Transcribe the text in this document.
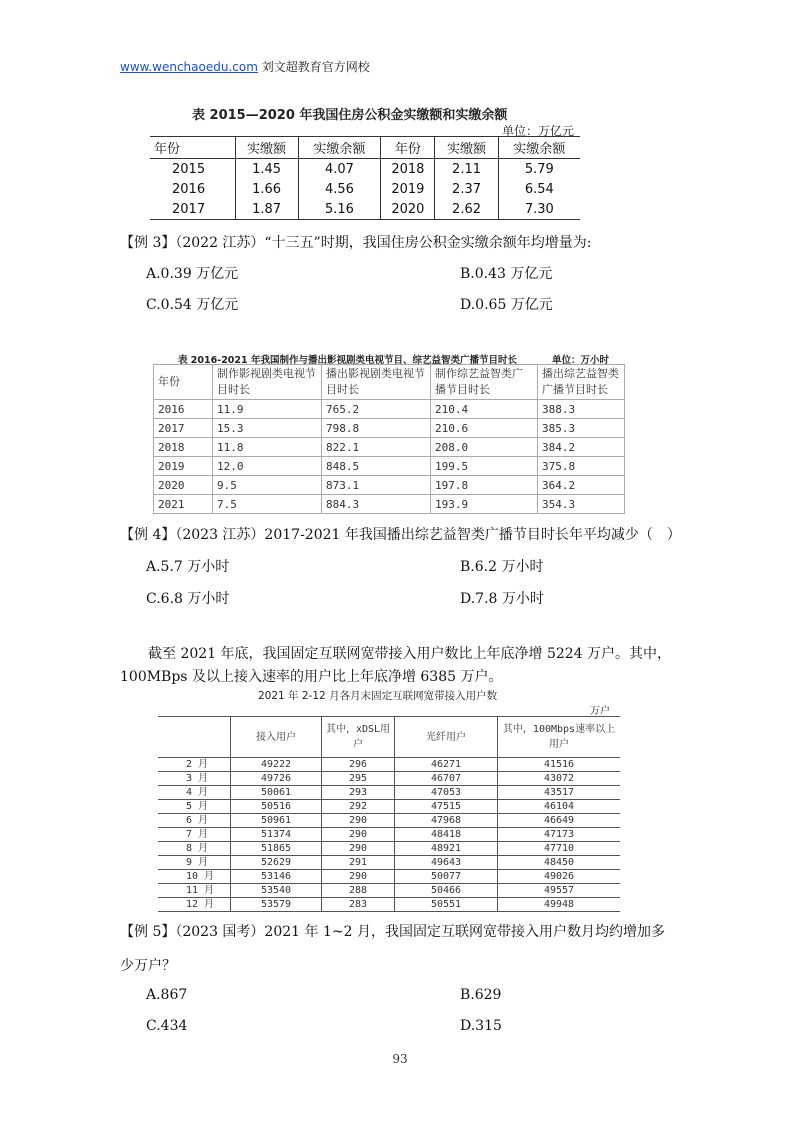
www.wenchaoedu.com 刘文超教育官方网校
表 2015—2020 年我国住房公积金实缴额和实缴余额
单位：万亿元
年份	实缴额	实缴余额	年份	实缴额	实缴余额
2015	1.45	4.07	2018	2.11	5.79
2016	1.66	4.56	2019	2.37	6.54
2017	1.87	5.16	2020	2.62	7.30
【例 3】（2022 江苏）“十三五”时期，我国住房公积金实缴余额年均增量为:
A.0.39 万亿元	B.0.43 万亿元
C.0.54 万亿元	D.0.65 万亿元
表 2016-2021 年我国制作与播出影视剧类电视节目、综艺益智类广播节目时长	单位：万小时
年份	制作影视剧类电视节目时长	播出影视剧类电视节目时长	制作综艺益智类广播节目时长	播出综艺益智类广播节目时长
2016	11.9	765.2	210.4	388.3
2017	15.3	798.8	210.6	385.3
2018	11.8	822.1	208.0	384.2
2019	12.0	848.5	199.5	375.8
2020	9.5	873.1	197.8	364.2
2021	7.5	884.3	193.9	354.3
【例 4】（2023 江苏）2017-2021 年我国播出综艺益智类广播节目时长年平均减少（　）
A.5.7 万小时	B.6.2 万小时
C.6.8 万小时	D.7.8 万小时
截至 2021 年底，我国固定互联网宽带接入用户数比上年底净增 5224 万户。其中，100MBps 及以上接入速率的用户比上年底净增 6385 万户。
2021 年 2-12 月各月末固定互联网宽带接入用户数
万户
	接入用户	其中，xDSL用户	光纤用户	其中，100Mbps速率以上用户
2 月	49222	296	46271	41516
3 月	49726	295	46707	43072
4 月	50061	293	47053	43517
5 月	50516	292	47515	46104
6 月	50961	290	47968	46649
7 月	51374	290	48418	47173
8 月	51865	290	48921	47710
9 月	52629	291	49643	48450
10 月	53146	290	50077	49026
11 月	53540	288	50466	49557
12 月	53579	283	50551	49948
【例 5】（2023 国考）2021 年 1~2 月，我国固定互联网宽带接入用户数月均约增加多
少万户？
A.867	B.629
C.434	D.315
93
